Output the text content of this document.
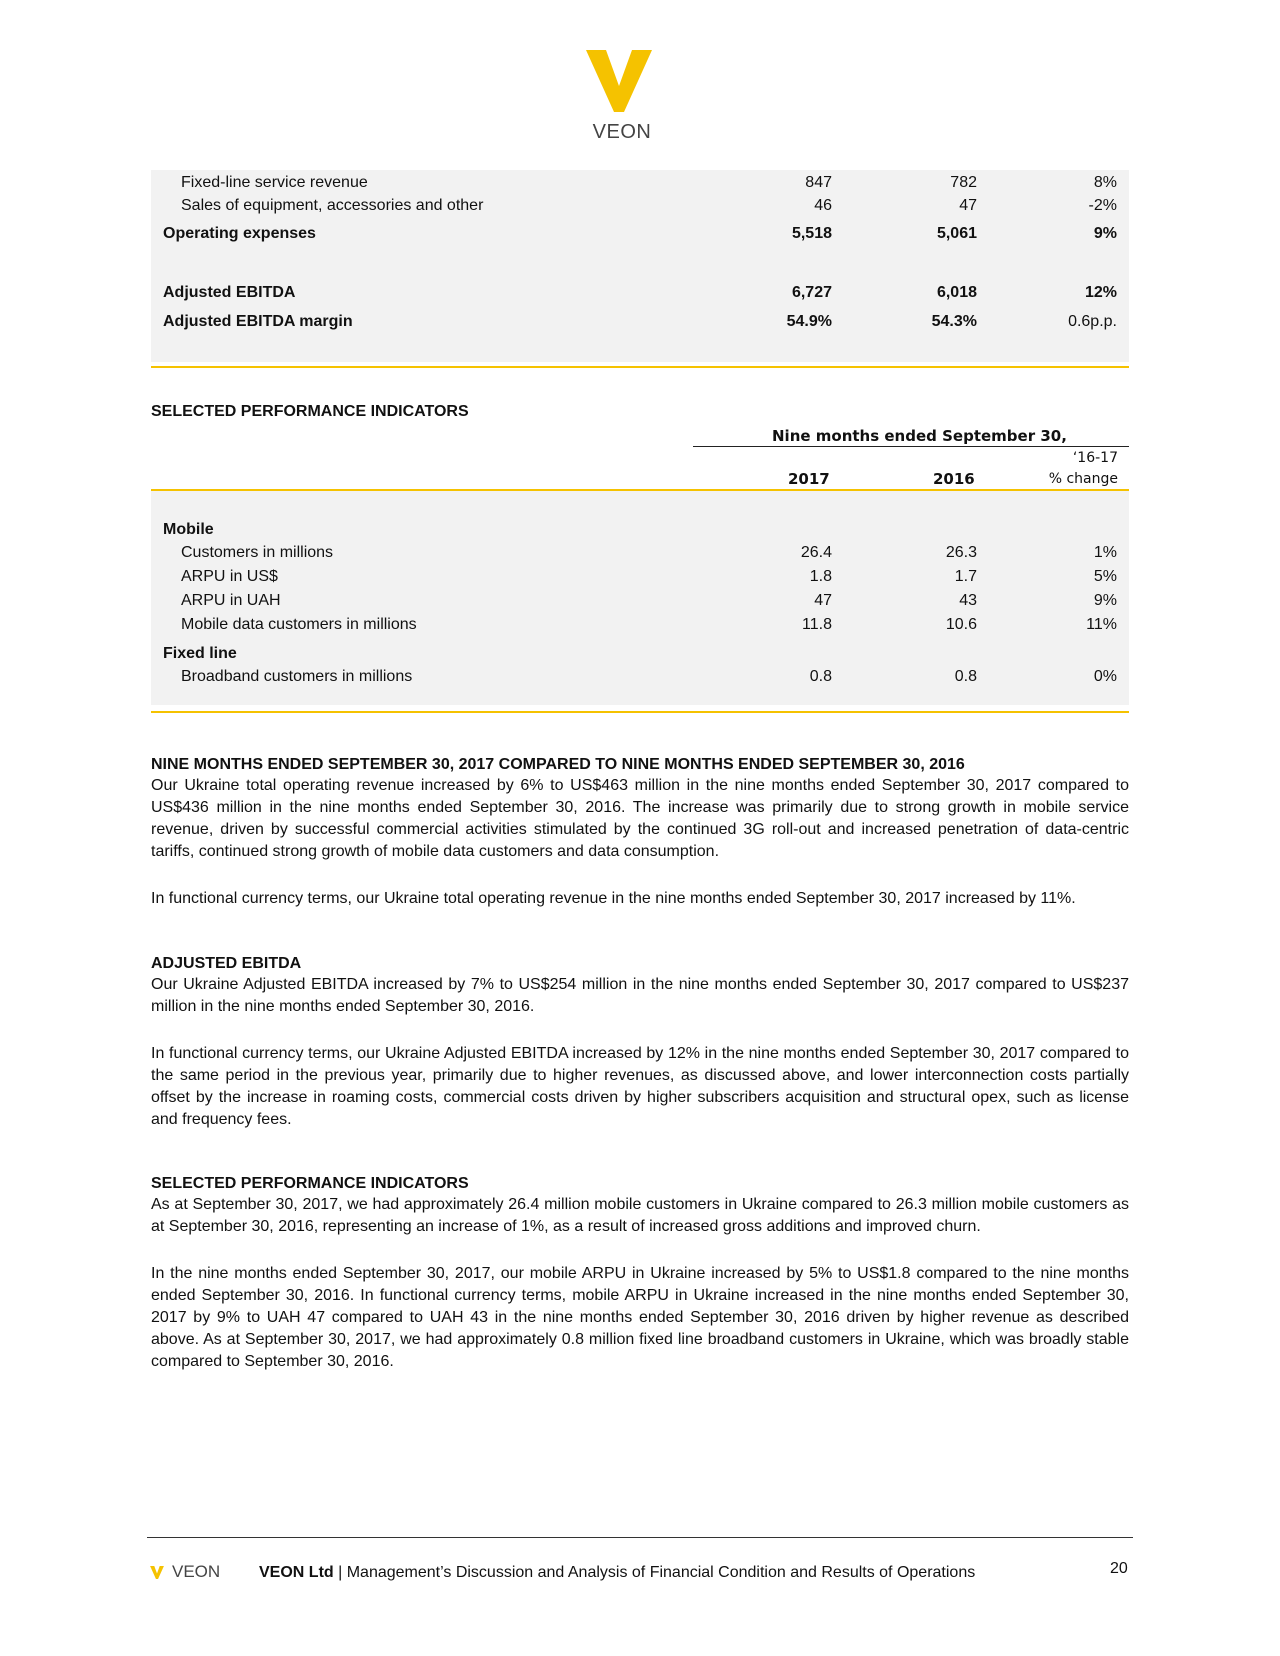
VEON
Fixed-line service revenue	847	782	8%
Sales of equipment, accessories and other	46	47	-2%
Operating expenses	5,518	5,061	9%
Adjusted EBITDA	6,727	6,018	12%
Adjusted EBITDA margin	54.9%	54.3%	0.6p.p.
SELECTED PERFORMANCE INDICATORS
Nine months ended September 30,
‘16-17
2017	2016	% change
Mobile
Customers in millions	26.4	26.3	1%
ARPU in US$	1.8	1.7	5%
ARPU in UAH	47	43	9%
Mobile data customers in millions	11.8	10.6	11%
Fixed line
Broadband customers in millions	0.8	0.8	0%
NINE MONTHS ENDED SEPTEMBER 30, 2017 COMPARED TO NINE MONTHS ENDED SEPTEMBER 30, 2016
Our Ukraine total operating revenue increased by 6% to US$463 million in the nine months ended September 30, 2017 compared to US$436 million in the nine months ended September 30, 2016. The increase was primarily due to strong growth in mobile service revenue, driven by successful commercial activities stimulated by the continued 3G roll-out and increased penetration of data-centric tariffs, continued strong growth of mobile data customers and data consumption.
In functional currency terms, our Ukraine total operating revenue in the nine months ended September 30, 2017 increased by 11%.
ADJUSTED EBITDA
Our Ukraine Adjusted EBITDA increased by 7% to US$254 million in the nine months ended September 30, 2017 compared to US$237 million in the nine months ended September 30, 2016.
In functional currency terms, our Ukraine Adjusted EBITDA increased by 12% in the nine months ended September 30, 2017 compared to the same period in the previous year, primarily due to higher revenues, as discussed above, and lower interconnection costs partially offset by the increase in roaming costs, commercial costs driven by higher subscribers acquisition and structural opex, such as license and frequency fees.
SELECTED PERFORMANCE INDICATORS
As at September 30, 2017, we had approximately 26.4 million mobile customers in Ukraine compared to 26.3 million mobile customers as at September 30, 2016, representing an increase of 1%, as a result of increased gross additions and improved churn.
In the nine months ended September 30, 2017, our mobile ARPU in Ukraine increased by 5% to US$1.8 compared to the nine months ended September 30, 2016. In functional currency terms, mobile ARPU in Ukraine increased in the nine months ended September 30, 2017 by 9% to UAH 47 compared to UAH 43 in the nine months ended September 30, 2016 driven by higher revenue as described above. As at September 30, 2017, we had approximately 0.8 million fixed line broadband customers in Ukraine, which was broadly stable compared to September 30, 2016.
VEON VEON Ltd | Management’s Discussion and Analysis of Financial Condition and Results of Operations	20
